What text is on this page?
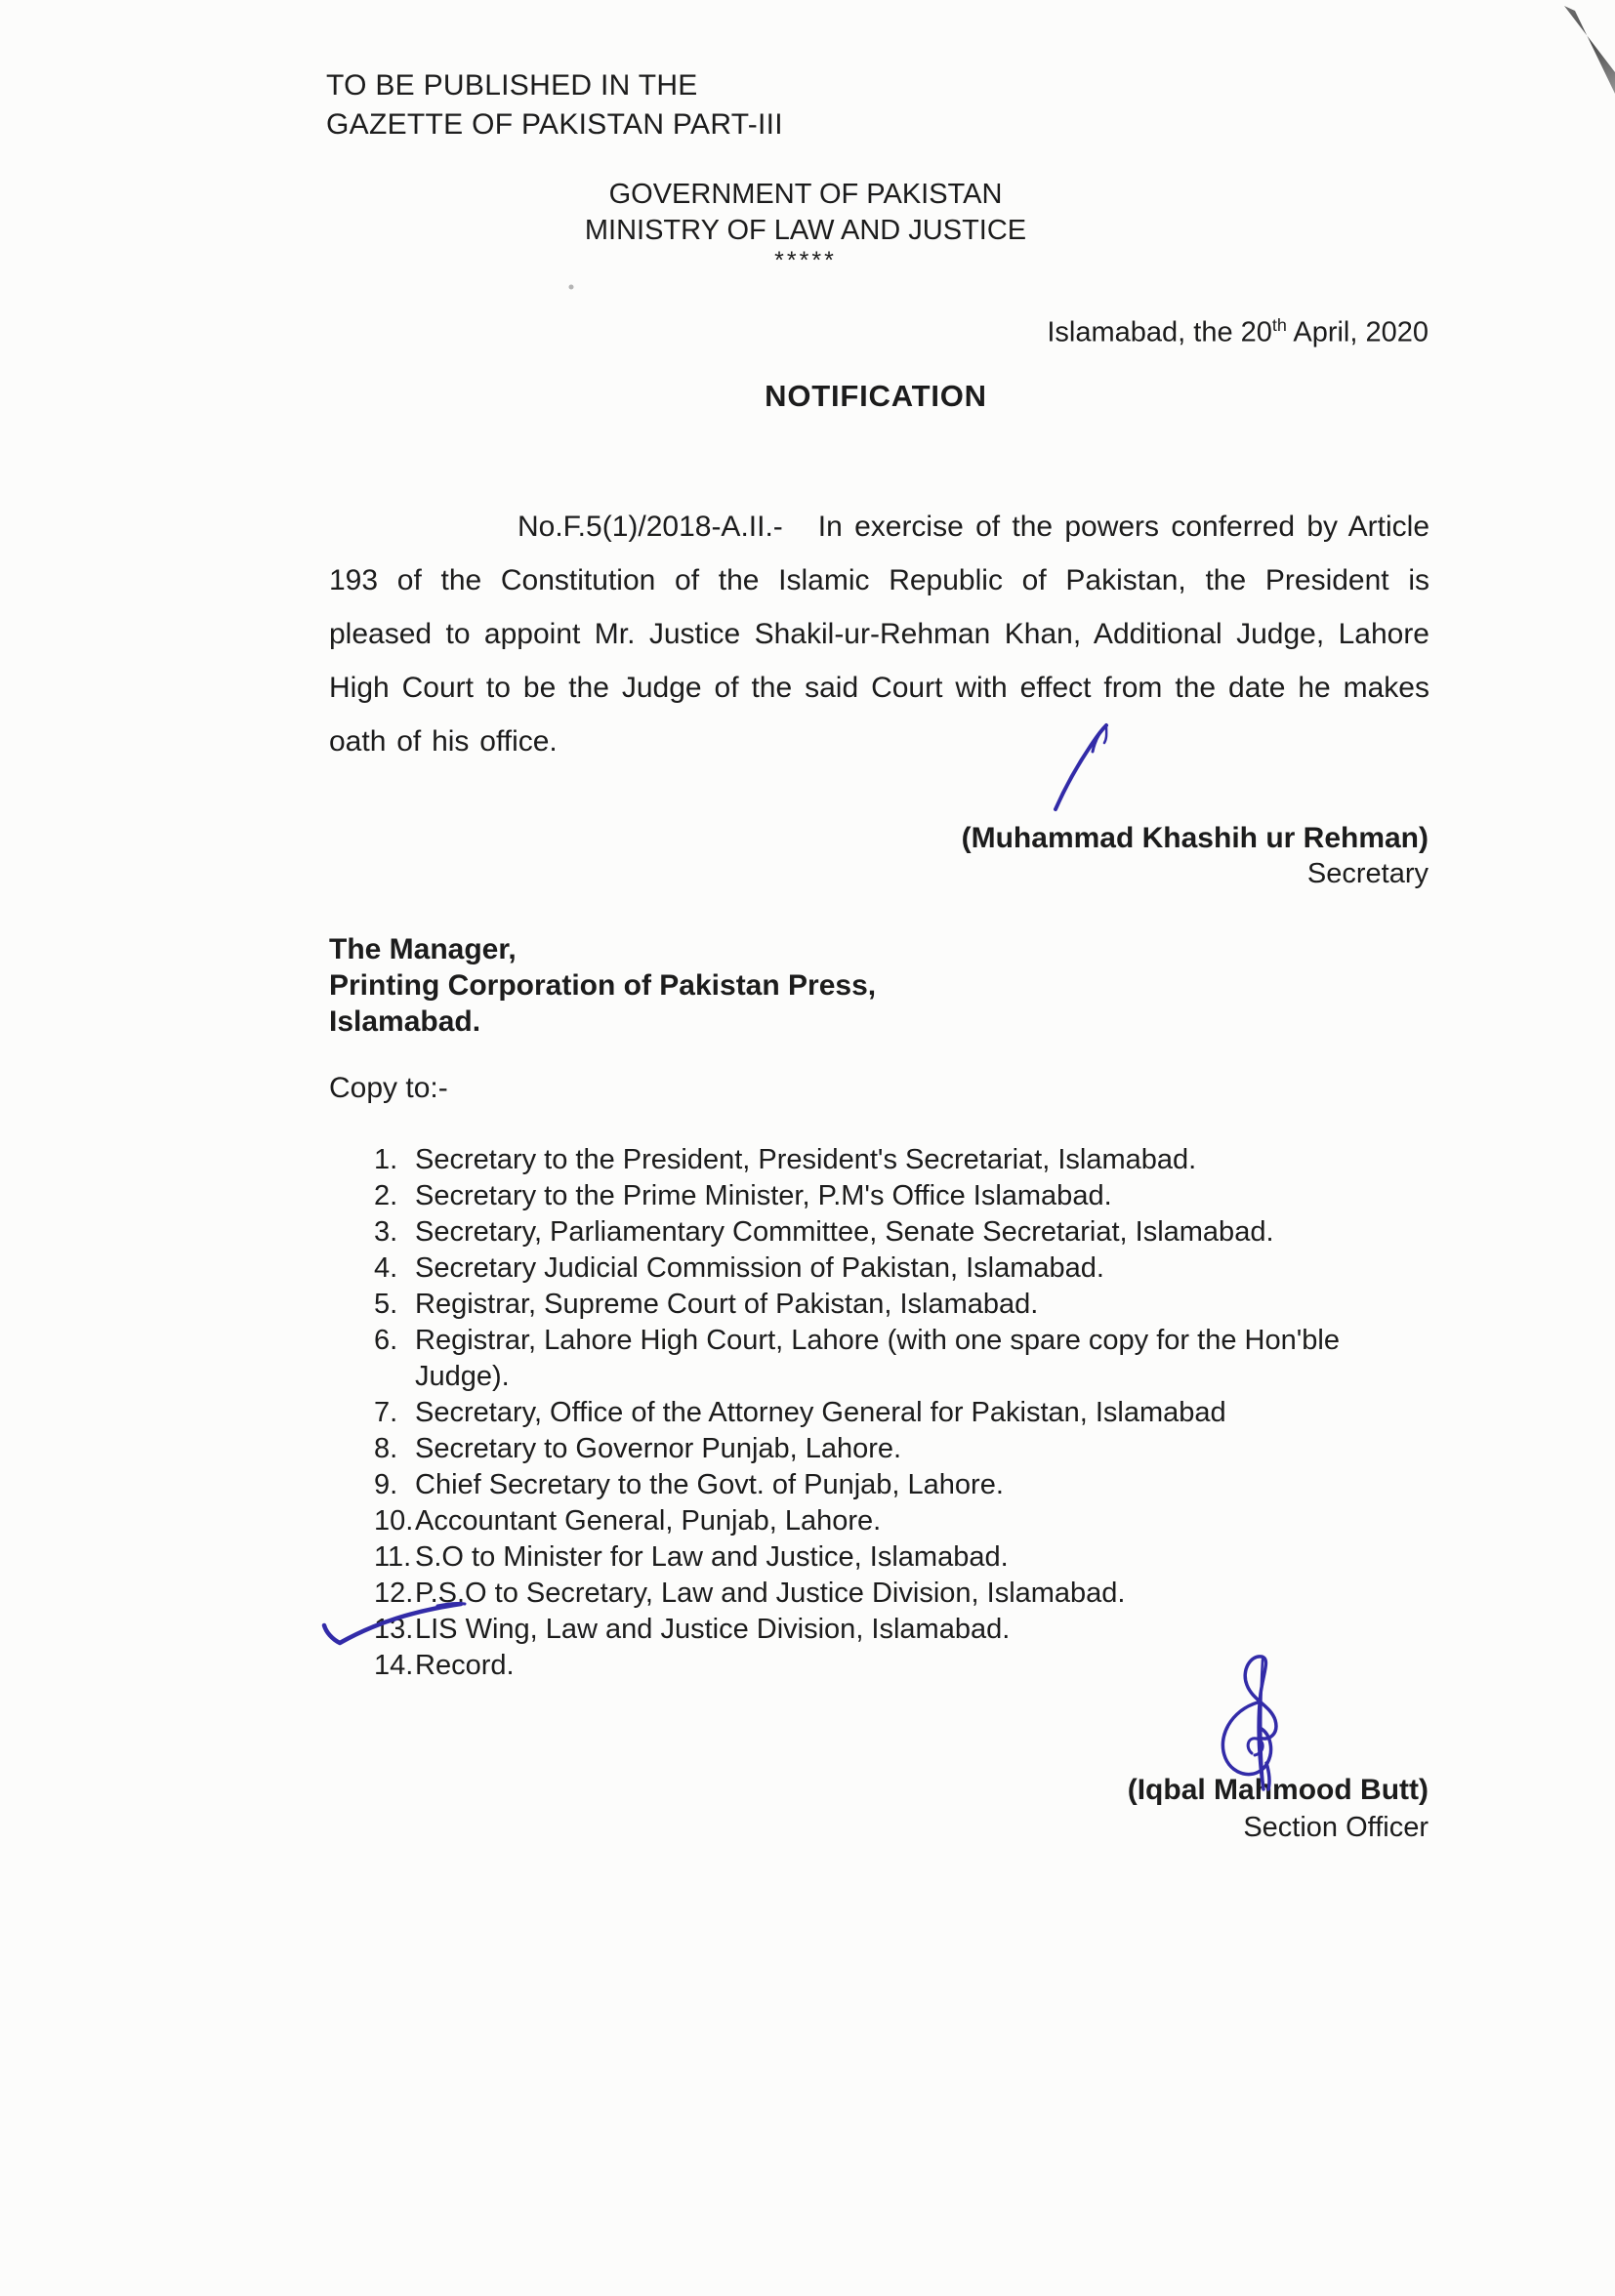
TO BE PUBLISHED IN THE
GAZETTE OF PAKISTAN PART-III
GOVERNMENT OF PAKISTAN
MINISTRY OF LAW AND JUSTICE
*****
Islamabad, the 20th April, 2020
NOTIFICATION

No.F.5(1)/2018-A.II.- In exercise of the powers conferred by Article 193 of the Constitution of the Islamic Republic of Pakistan, the President is pleased to appoint Mr. Justice Shakil-ur-Rehman Khan, Additional Judge, Lahore High Court to be the Judge of the said Court with effect from the date he makes oath of his office.

(Muhammad Khashih ur Rehman)
Secretary
The Manager,
Printing Corporation of Pakistan Press,
Islamabad.
Copy to:-
1. Secretary to the President, President's Secretariat, Islamabad.
2. Secretary to the Prime Minister, P.M's Office Islamabad.
3. Secretary, Parliamentary Committee, Senate Secretariat, Islamabad.
4. Secretary Judicial Commission of Pakistan, Islamabad.
5. Registrar, Supreme Court of Pakistan, Islamabad.
6. Registrar, Lahore High Court, Lahore (with one spare copy for the Hon'ble Judge).
7. Secretary, Office of the Attorney General for Pakistan, Islamabad
8. Secretary to Governor Punjab, Lahore.
9. Chief Secretary to the Govt. of Punjab, Lahore.
10. Accountant General, Punjab, Lahore.
11. S.O to Minister for Law and Justice, Islamabad.
12. P.S.O to Secretary, Law and Justice Division, Islamabad.
13. LIS Wing, Law and Justice Division, Islamabad.
14. Record.
(Iqbal Mahmood Butt)
Section Officer
